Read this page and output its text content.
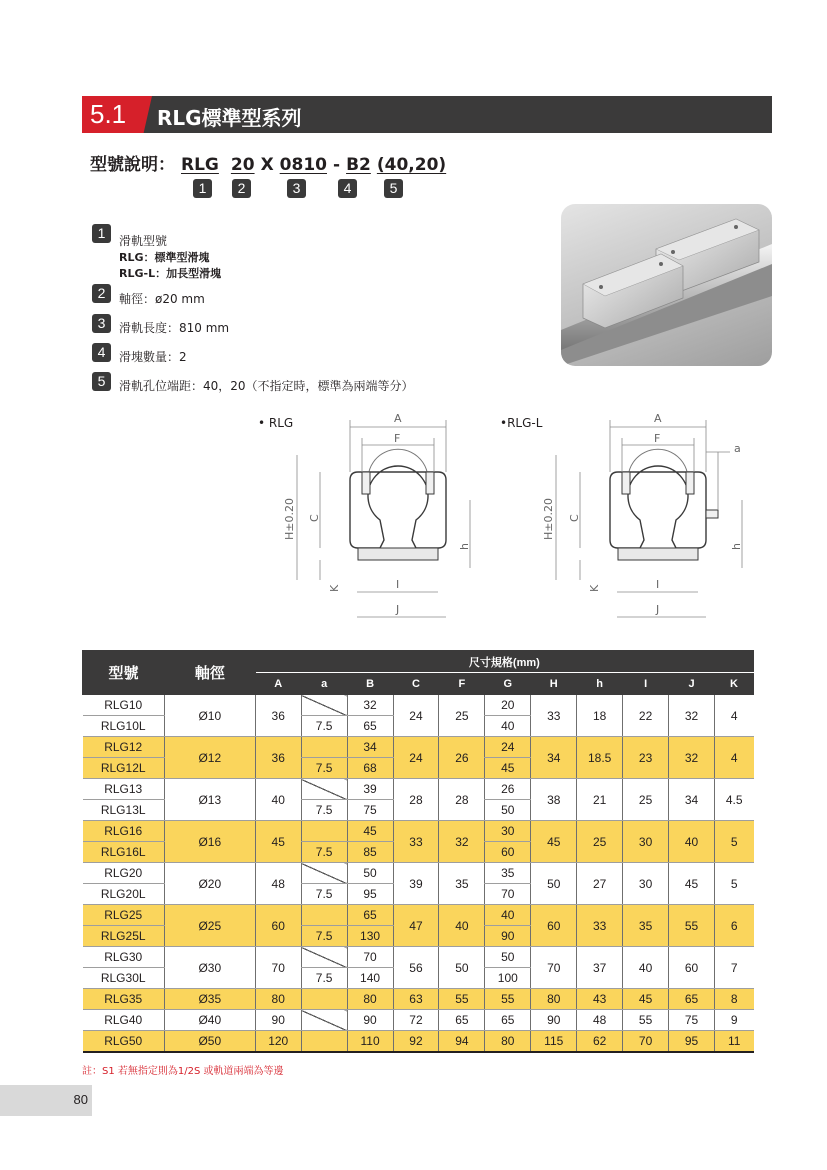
5.1 RLG標準型系列
型號說明： RLG 20 X 0810 - B2 (40,20)
1	2	3	4	5
1	滑軌型號
RLG：標準型滑塊
RLG-L：加長型滑塊
2	軸徑：ø20 mm
3	滑軌長度：810 mm
4	滑塊數量：2
5	滑軌孔位端距：40，20（不指定時，標準為兩端等分）
• RLG	•RLG-L
A
F
H±0.20 C
h
K	I
J
A
F
a
H±0.20 C
h
K	I
J
型號	軸徑	尺寸規格(mm)										
		A	a	B	C	F	G	H	h	I	J	K
RLG10	Ø10	36		32	24	25	20	33	18	22	32	4
RLG10L			7.5	65			40					
RLG12	Ø12	36		34	24	26	24	34	18.5	23	32	4
RLG12L			7.5	68			45					
RLG13	Ø13	40		39	28	28	26	38	21	25	34	4.5
RLG13L			7.5	75			50					
RLG16	Ø16	45		45	33	32	30	45	25	30	40	5
RLG16L			7.5	85			60					
RLG20	Ø20	48		50	39	35	35	50	27	30	45	5
RLG20L			7.5	95			70					
RLG25	Ø25	60		65	47	40	40	60	33	35	55	6
RLG25L			7.5	130			90					
RLG30	Ø30	70		70	56	50	50	70	37	40	60	7
RLG30L			7.5	140			100					
RLG35	Ø35	80		80	63	55	55	80	43	45	65	8
RLG40	Ø40	90		90	72	65	65	90	48	55	75	9
RLG50	Ø50	120		110	92	94	80	115	62	70	95	11
註：S1 若無指定則為1/2S 或軌道兩端為等邊
80
